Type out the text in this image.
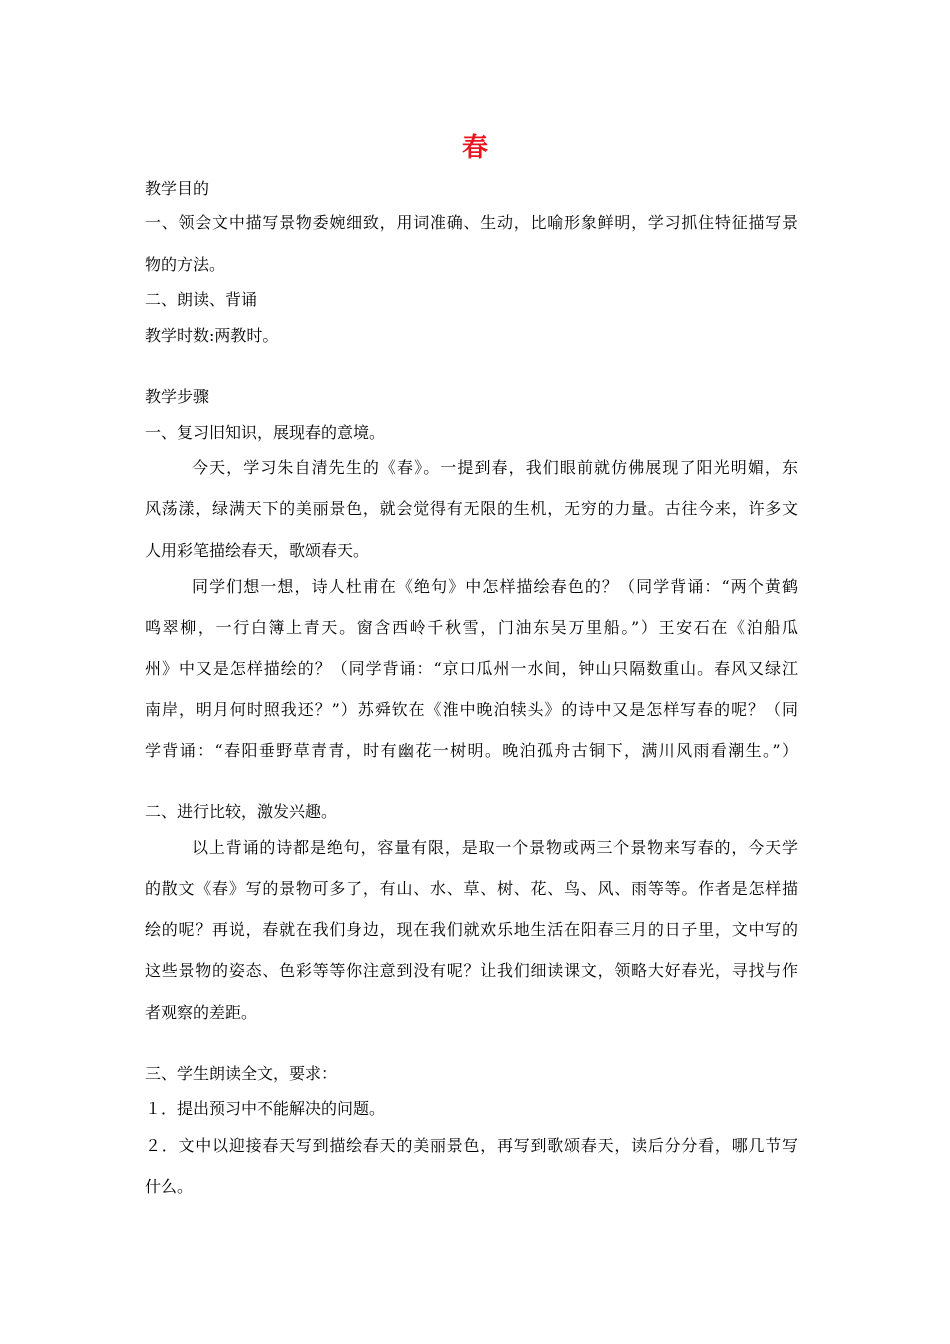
春
教学目的
一、领会文中描写景物委婉细致，用词准确、生动，比喻形象鲜明，学习抓住特征描写景
物的方法。
二、朗读、背诵
教学时数:两教时。
教学步骤
一、复习旧知识，展现春的意境。
今天，学习朱自清先生的《春》。一提到春，我们眼前就仿佛展现了阳光明媚，东
风荡漾，绿满天下的美丽景色，就会觉得有无限的生机，无穷的力量。古往今来，许多文
人用彩笔描绘春天，歌颂春天。
同学们想一想，诗人杜甫在《绝句》中怎样描绘春色的？（同学背诵：“两个黄鹤
鸣翠柳，一行白簿上青天。窗含西岭千秋雪，门油东吴万里船。”）王安石在《泊船瓜
州》中又是怎样描绘的？（同学背诵：“京口瓜州一水间，钟山只隔数重山。春风又绿江
南岸，明月何时照我还？”）苏舜钦在《淮中晚泊犊头》的诗中又是怎样写春的呢？（同
学背诵：“春阳垂野草青青，时有幽花一树明。晚泊孤舟古铜下，满川风雨看潮生。”）
二、进行比较，激发兴趣。
以上背诵的诗都是绝句，容量有限，是取一个景物或两三个景物来写春的，今天学
的散文《春》写的景物可多了，有山、水、草、树、花、鸟、风、雨等等。作者是怎样描
绘的呢？再说，春就在我们身边，现在我们就欢乐地生活在阳春三月的日子里，文中写的
这些景物的姿态、色彩等等你注意到没有呢？让我们细读课文，领略大好春光，寻找与作
者观察的差距。
三、学生朗读全文，要求：
１．提出预习中不能解决的问题。
２．文中以迎接春天写到描绘春天的美丽景色，再写到歌颂春天，读后分分看，哪几节写
什么。
